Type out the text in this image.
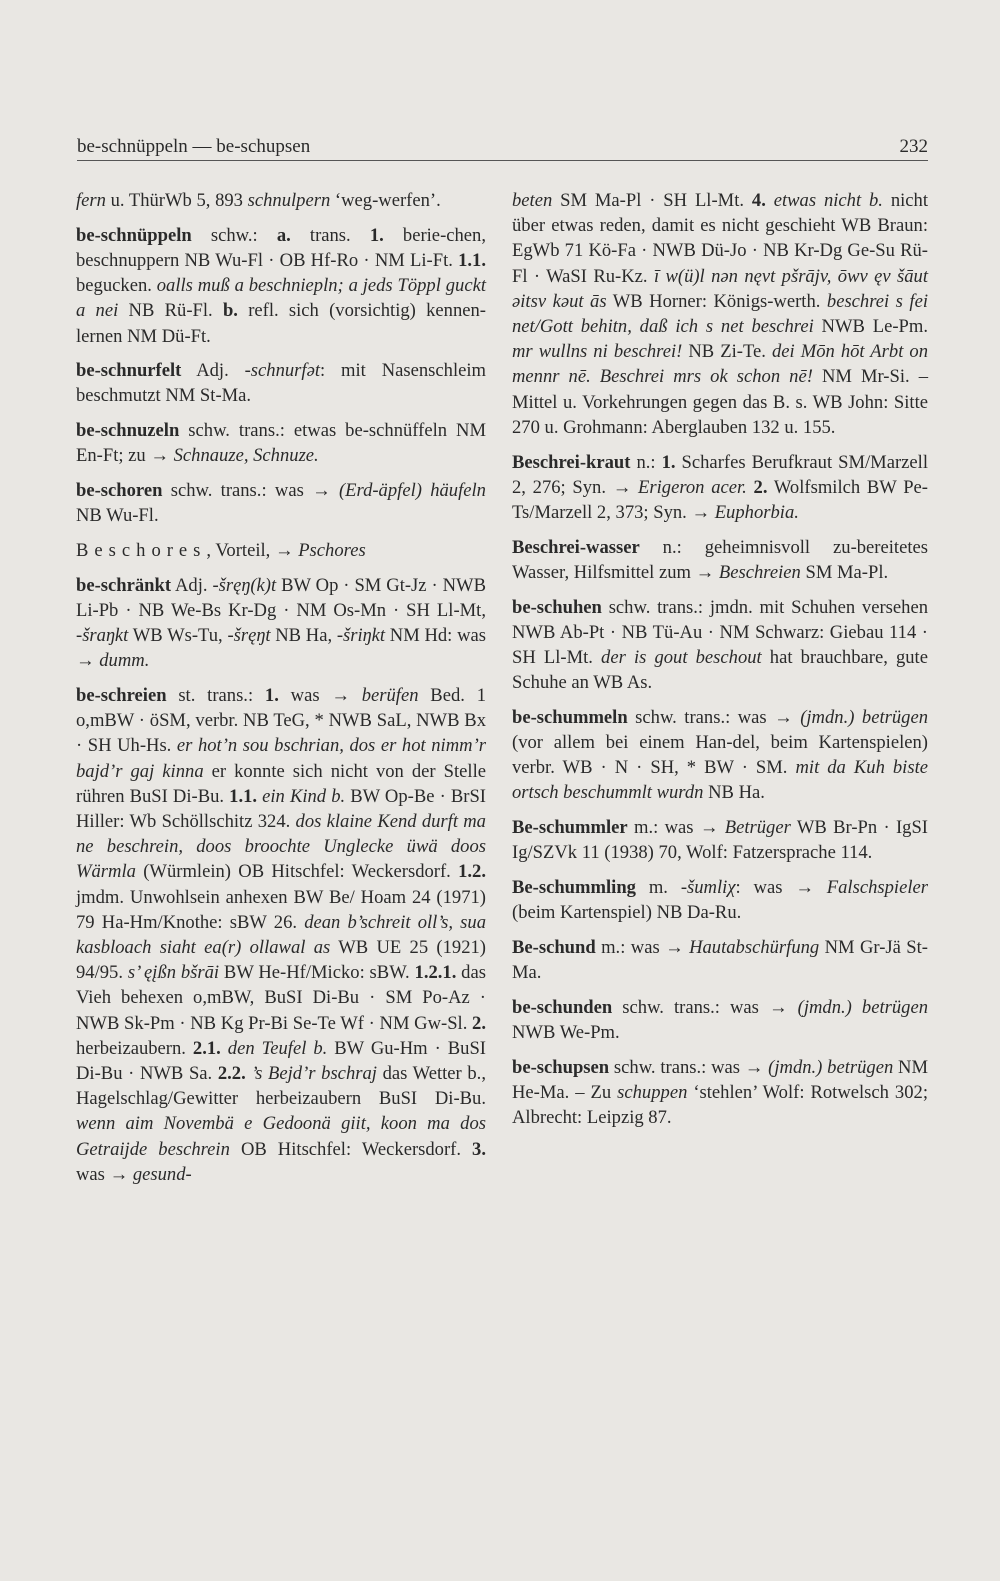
be-schnüppeln — be-schupsen	232

fern u. ThürWb 5, 893 schnulpern ‘weg-werfen’.

be-schnüppeln schw.: a. trans. 1. berie-chen, beschnuppern NB Wu-Fl · OB Hf-Ro · NM Li-Ft. 1.1. begucken. oalls muß a beschniepln; a jeds Töppl guckt a nei NB Rü-Fl. b. refl. sich (vorsichtig) kennen-lernen NM Dü-Ft.

be-schnurfelt Adj. -schnurfət: mit Nasenschleim beschmutzt NM St-Ma.

be-schnuzeln schw. trans.: etwas be-schnüffeln NM En-Ft; zu → Schnauze, Schnuze.

be-schoren schw. trans.: was → (Erd-äpfel) häufeln NB Wu-Fl.

Beschores, Vorteil, → Pschores

be-schränkt Adj. -šręŋ(k)t BW Op · SM Gt-Jz · NWB Li-Pb · NB We-Bs Kr-Dg · NM Os-Mn · SH Ll-Mt, -šraŋkt WB Ws-Tu, -šręŋt NB Ha, -šriŋkt NM Hd: was → dumm.

be-schreien st. trans.: 1. was → berüfen Bed. 1 o,mBW · öSM, verbr. NB TeG, * NWB SaL, NWB Bx · SH Uh-Hs. er hot’n sou bschrian, dos er hot nimm’r bajd’r gaj kinna er konnte sich nicht von der Stelle rühren BuSI Di-Bu. 1.1. ein Kind b. BW Op-Be · BrSI Hiller: Wb Schöllschitz 324. dos klaine Kend durft ma ne beschrein, doos broochte Unglecke üwä doos Wärmla (Würmlein) OB Hitschfel: Weckersdorf. 1.2. jmdm. Unwohlsein anhexen BW Be/ Hoam 24 (1971) 79 Ha-Hm/Knothe: sBW 26. dean b’schreit oll’s, sua kasbloach siaht ea(r) ollawal as WB UE 25 (1921) 94/95. s’ ęįßn bšrāi BW He-Hf/Micko: sBW. 1.2.1. das Vieh behexen o,mBW, BuSI Di-Bu · SM Po-Az · NWB Sk-Pm · NB Kg Pr-Bi Se-Te Wf · NM Gw-Sl. 2. herbeizaubern. 2.1. den Teufel b. BW Gu-Hm · BuSI Di-Bu · NWB Sa. 2.2. ’s Bejd’r bschraj das Wetter b., Hagelschlag/Gewitter herbeizaubern BuSI Di-Bu. wenn aim Novembä e Gedoonä giit, koon ma dos Getraijde beschrein OB Hitschfel: Weckersdorf. 3. was → gesund-

beten SM Ma-Pl · SH Ll-Mt. 4. etwas nicht b. nicht über etwas reden, damit es nicht geschieht WB Braun: EgWb 71 Kö-Fa · NWB Dü-Jo · NB Kr-Dg Ge-Su Rü-Fl · WaSI Ru-Kz. ī w(ü)l nən nęvt pšrājv, ōwv ęv šāut əitsv kəut ās WB Horner: Königs-werth. beschrei s fei net/Gott behitn, daß ich s net beschrei NWB Le-Pm. mr wullns ni beschrei! NB Zi-Te. dei Mōn hōt Arbt on mennr nē. Beschrei mrs ok schon nē! NM Mr-Si. – Mittel u. Vorkehrungen gegen das B. s. WB John: Sitte 270 u. Grohmann: Aberglauben 132 u. 155.

Beschrei-kraut n.: 1. Scharfes Berufkraut SM/Marzell 2, 276; Syn. → Erigeron acer. 2. Wolfsmilch BW Pe-Ts/Marzell 2, 373; Syn. → Euphorbia.

Beschrei-wasser n.: geheimnisvoll zu-bereitetes Wasser, Hilfsmittel zum → Beschreien SM Ma-Pl.

be-schuhen schw. trans.: jmdn. mit Schuhen versehen NWB Ab-Pt · NB Tü-Au · NM Schwarz: Giebau 114 · SH Ll-Mt. der is gout beschout hat brauchbare, gute Schuhe an WB As.

be-schummeln schw. trans.: was → (jmdn.) betrügen (vor allem bei einem Han-del, beim Kartenspielen) verbr. WB · N · SH, * BW · SM. mit da Kuh biste ortsch beschummlt wurdn NB Ha.

Be-schummler m.: was → Betrüger WB Br-Pn · IgSI Ig/SZVk 11 (1938) 70, Wolf: Fatzersprache 114.

Be-schummling m. -šumliχ: was → Falschspieler (beim Kartenspiel) NB Da-Ru.

Be-schund m.: was → Hautabschürfung NM Gr-Jä St-Ma.

be-schunden schw. trans.: was → (jmdn.) betrügen NWB We-Pm.

be-schupsen schw. trans.: was → (jmdn.) betrügen NM He-Ma. – Zu schuppen ‘stehlen’ Wolf: Rotwelsch 302; Albrecht: Leipzig 87.
